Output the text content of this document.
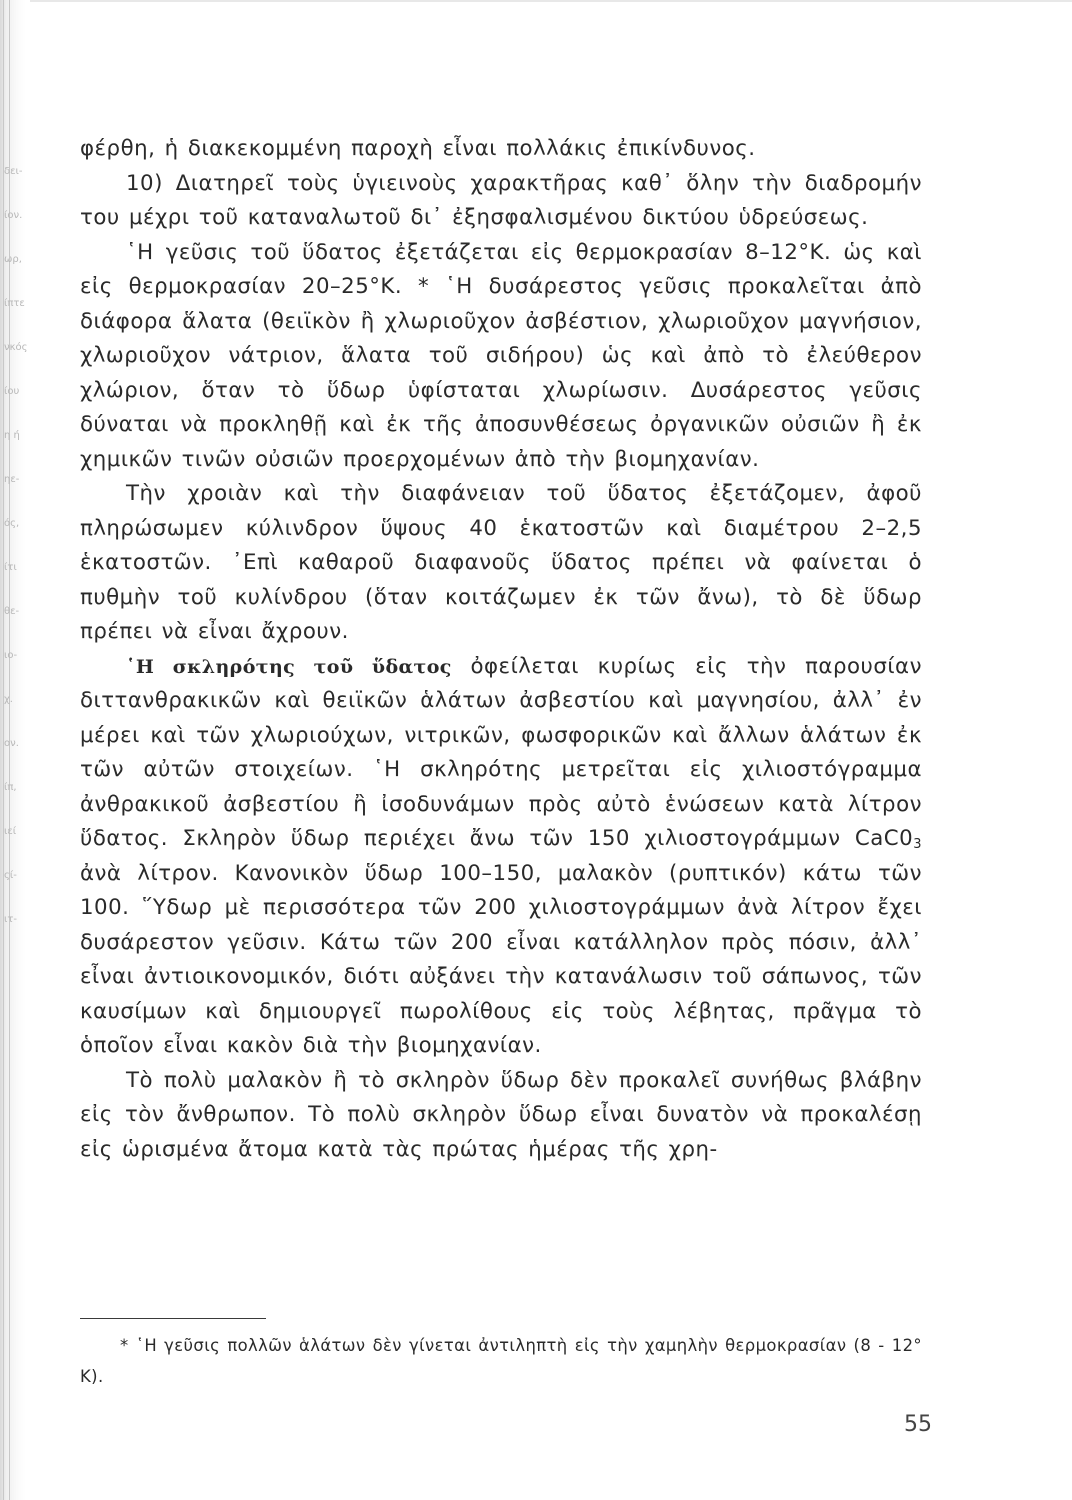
δει-
ίον.
ωρ,
ίπτε
νκός
ίου
η ή
ηε-
ός,
ίτι
θε-
ιο-
χ.
ον.
ίπ,
ιεί
ςί-
ιτ-

φέρθη, ἡ διακεκομμένη παροχὴ εἶναι πολλάκις ἐπικίνδυνος.

10) Διατηρεῖ τοὺς ὑγιεινοὺς χαρακτῆρας καθ᾿ ὅλην τὴν διαδρομήν του μέχρι τοῦ καταναλωτοῦ δι᾿ ἐξησφαλισμένου δικτύου ὑδρεύσεως.

῾Η γεῦσις τοῦ ὕδατος ἐξετάζεται εἰς θερμοκρασίαν 8–12°K. ὡς καὶ εἰς θερμοκρασίαν 20–25°K. * ῾Η δυσάρεστος γεῦσις προκαλεῖται ἀπὸ διάφορα ἅλατα (θειϊκὸν ἢ χλωριοῦχον ἀσβέστιον, χλωριοῦχον μαγνήσιον, χλωριοῦχον νάτριον, ἅλατα τοῦ σιδήρου) ὡς καὶ ἀπὸ τὸ ἐλεύθερον χλώριον, ὅταν τὸ ὕδωρ ὑφίσταται χλωρίωσιν. Δυσάρεστος γεῦσις δύναται νὰ προκληθῇ καὶ ἐκ τῆς ἀποσυνθέσεως ὀργανικῶν οὐσιῶν ἢ ἐκ χημικῶν τινῶν οὐσιῶν προερχομένων ἀπὸ τὴν βιομηχανίαν.

Τὴν χροιὰν καὶ τὴν διαφάνειαν τοῦ ὕδατος ἐξετάζομεν, ἀφοῦ πληρώσωμεν κύλινδρον ὕψους 40 ἑκατοστῶν καὶ διαμέτρου 2–2,5 ἑκατοστῶν. ᾿Επὶ καθαροῦ διαφανοῦς ὕδατος πρέπει νὰ φαίνεται ὁ πυθμὴν τοῦ κυλίνδρου (ὅταν κοιτάζωμεν ἐκ τῶν ἄνω), τὸ δὲ ὕδωρ πρέπει νὰ εἶναι ἄχρουν.

῾Η σκληρότης τοῦ ὕδατος ὀφείλεται κυρίως εἰς τὴν παρουσίαν διττανθρακικῶν καὶ θειϊκῶν ἁλάτων ἀσβεστίου καὶ μαγνησίου, ἀλλ᾿ ἐν μέρει καὶ τῶν χλωριούχων, νιτρικῶν, φωσφορικῶν καὶ ἄλλων ἁλάτων ἐκ τῶν αὐτῶν στοιχείων. ῾Η σκληρότης μετρεῖται εἰς χιλιοστόγραμμα ἀνθρακικοῦ ἀσβεστίου ἢ ἰσοδυνάμων πρὸς αὐτὸ ἑνώσεων κατὰ λίτρον ὕδατος. Σκληρὸν ὕδωρ περιέχει ἄνω τῶν 150 χιλιοστογράμμων $CaC0_3$ ἀνὰ λίτρον. Κανονικὸν ὕδωρ 100–150, μαλακὸν (ρυπτικόν) κάτω τῶν 100. ῞Υδωρ μὲ περισσότερα τῶν 200 χιλιοστογράμμων ἀνὰ λίτρον ἔχει δυσάρεστον γεῦσιν. Κάτω τῶν 200 εἶναι κατάλληλον πρὸς πόσιν, ἀλλ᾿ εἶναι ἀντιοικονομικόν, διότι αὐξάνει τὴν κατανάλωσιν τοῦ σάπωνος, τῶν καυσίμων καὶ δημιουργεῖ πωρολίθους εἰς τοὺς λέβητας, πρᾶγμα τὸ ὁποῖον εἶναι κακὸν διὰ τὴν βιομηχανίαν.

Τὸ πολὺ μαλακὸν ἢ τὸ σκληρὸν ὕδωρ δὲν προκαλεῖ συνήθως βλάβην εἰς τὸν ἄνθρωπον. Τὸ πολὺ σκληρὸν ὕδωρ εἶναι δυνατὸν νὰ προκαλέσῃ εἰς ὡρισμένα ἄτομα κατὰ τὰς πρώτας ἡμέρας τῆς χρη-

* ῾Η γεῦσις πολλῶν ἁλάτων δὲν γίνεται ἀντιληπτὴ εἰς τὴν χαμηλὴν θερμοκρασίαν (8 - 12° K).

55
